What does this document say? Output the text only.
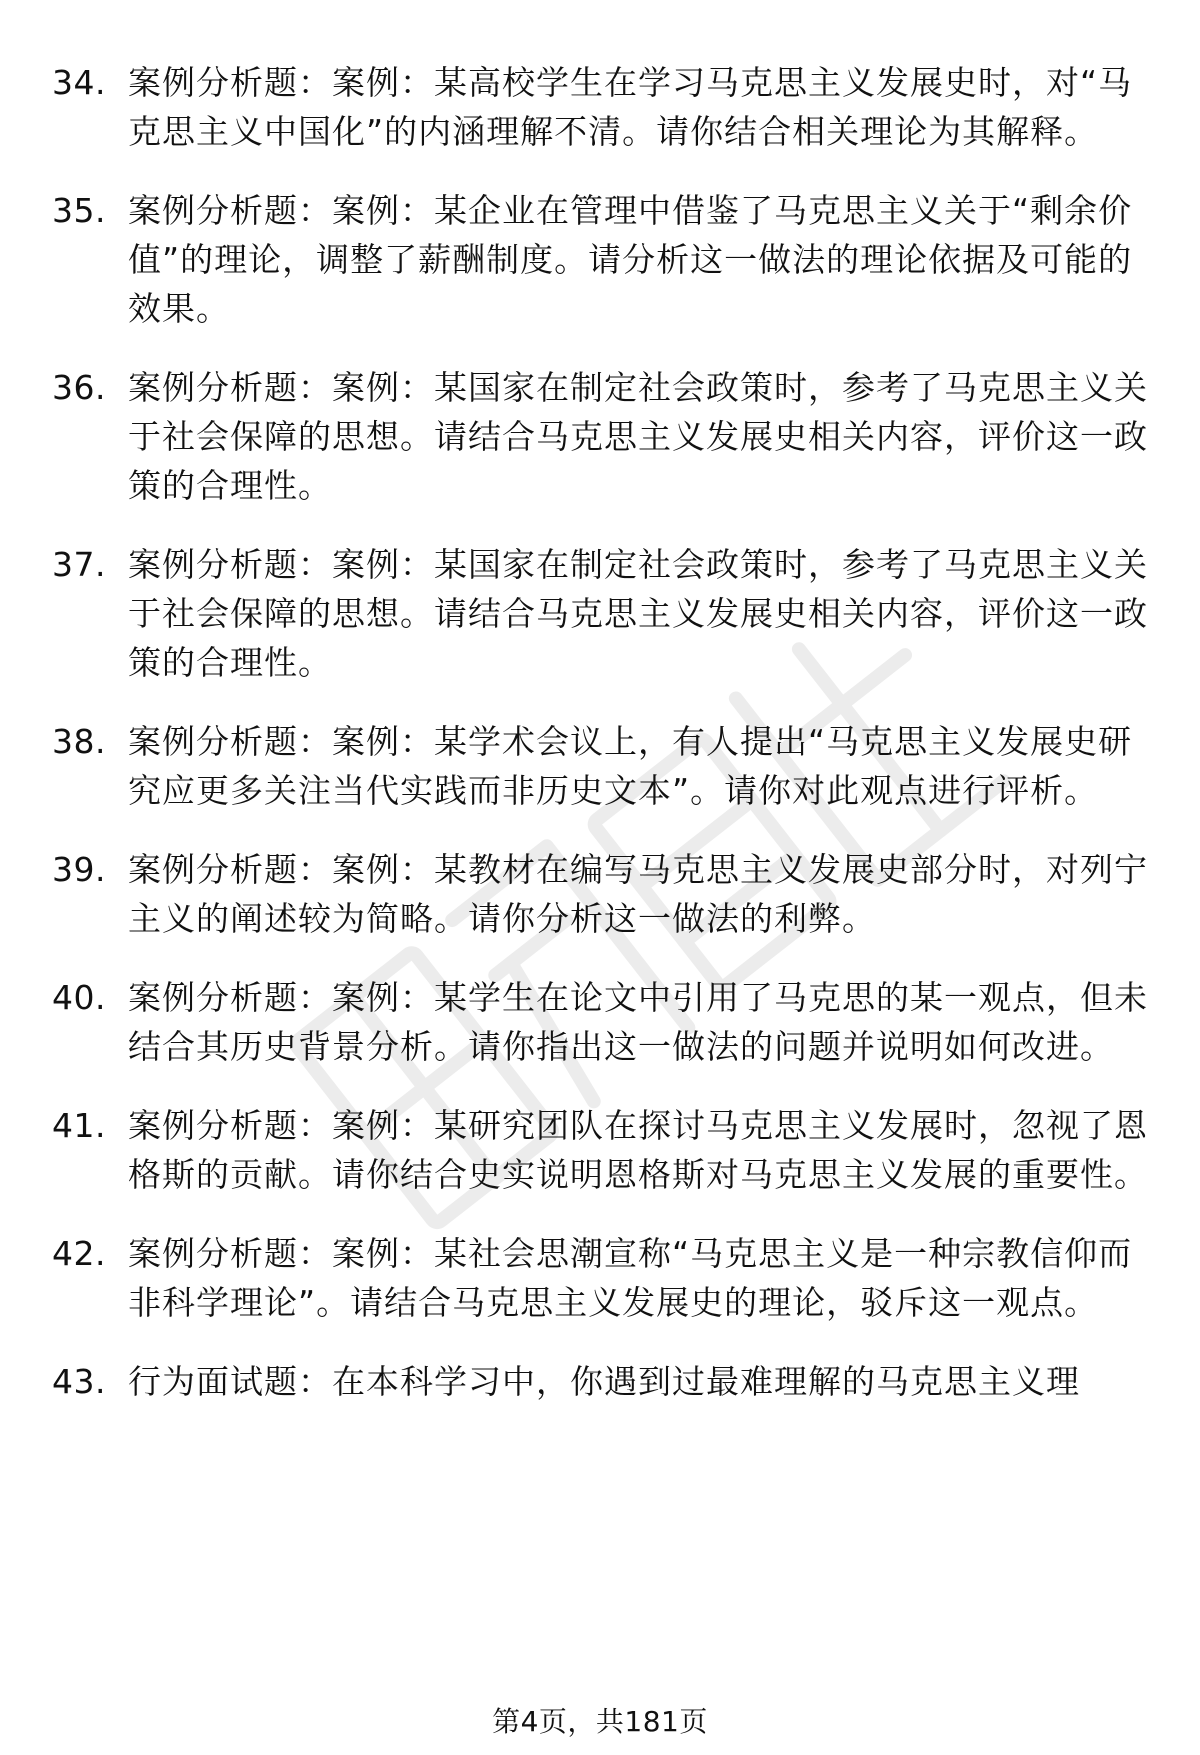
34. 案例分析题：案例：某高校学生在学习马克思主义发展史时，对“马克思主义中国化”的内涵理解不清。请你结合相关理论为其解释。
35. 案例分析题：案例：某企业在管理中借鉴了马克思主义关于“剩余价值”的理论，调整了薪酬制度。请分析这一做法的理论依据及可能的效果。
36. 案例分析题：案例：某国家在制定社会政策时，参考了马克思主义关于社会保障的思想。请结合马克思主义发展史相关内容，评价这一政策的合理性。
37. 案例分析题：案例：某国家在制定社会政策时，参考了马克思主义关于社会保障的思想。请结合马克思主义发展史相关内容，评价这一政策的合理性。
38. 案例分析题：案例：某学术会议上，有人提出“马克思主义发展史研究应更多关注当代实践而非历史文本”。请你对此观点进行评析。
39. 案例分析题：案例：某教材在编写马克思主义发展史部分时，对列宁主义的阐述较为简略。请你分析这一做法的利弊。
40. 案例分析题：案例：某学生在论文中引用了马克思的某一观点，但未结合其历史背景分析。请你指出这一做法的问题并说明如何改进。
41. 案例分析题：案例：某研究团队在探讨马克思主义发展时，忽视了恩格斯的贡献。请你结合史实说明恩格斯对马克思主义发展的重要性。
42. 案例分析题：案例：某社会思潮宣称“马克思主义是一种宗教信仰而非科学理论”。请结合马克思主义发展史的理论，驳斥这一观点。
43. 行为面试题：在本科学习中，你遇到过最难理解的马克思主义理
第4页，共181页
